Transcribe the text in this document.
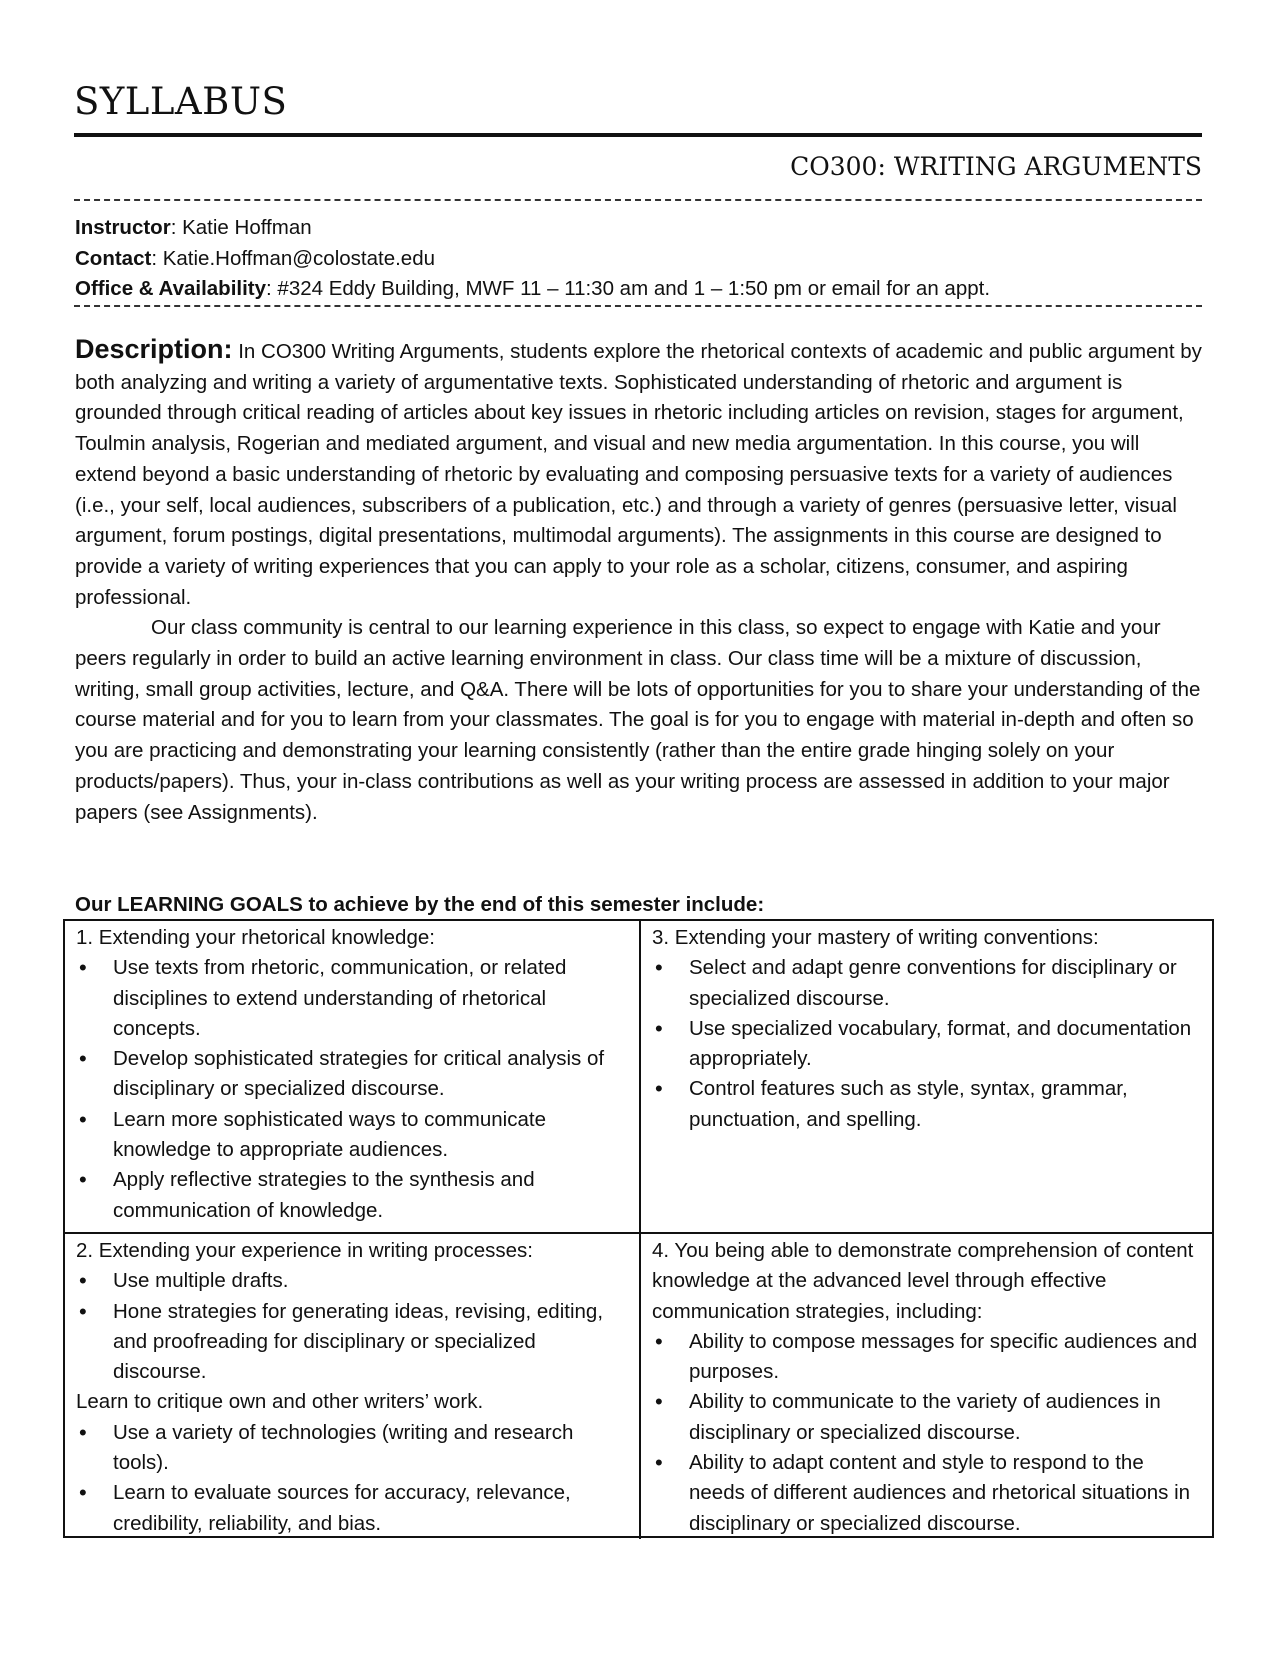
SYLLABUS
CO300: WRITING ARGUMENTS
Instructor: Katie Hoffman
Contact: Katie.Hoffman@colostate.edu
Office & Availability: #324 Eddy Building, MWF 11 – 11:30 am and 1 – 1:50 pm or email for an appt.

Description: In CO300 Writing Arguments, students explore the rhetorical contexts of academic and public argument by both analyzing and writing a variety of argumentative texts. Sophisticated understanding of rhetoric and argument is grounded through critical reading of articles about key issues in rhetoric including articles on revision, stages for argument, Toulmin analysis, Rogerian and mediated argument, and visual and new media argumentation. In this course, you will extend beyond a basic understanding of rhetoric by evaluating and composing persuasive texts for a variety of audiences (i.e., your self, local audiences, subscribers of a publication, etc.) and through a variety of genres (persuasive letter, visual argument, forum postings, digital presentations, multimodal arguments). The assignments in this course are designed to provide a variety of writing experiences that you can apply to your role as a scholar, citizens, consumer, and aspiring professional.

Our class community is central to our learning experience in this class, so expect to engage with Katie and your peers regularly in order to build an active learning environment in class. Our class time will be a mixture of discussion, writing, small group activities, lecture, and Q&A. There will be lots of opportunities for you to share your understanding of the course material and for you to learn from your classmates. The goal is for you to engage with material in-depth and often so you are practicing and demonstrating your learning consistently (rather than the entire grade hinging solely on your products/papers). Thus, your in-class contributions as well as your writing process are assessed in addition to your major papers (see Assignments).

Our LEARNING GOALS to achieve by the end of this semester include:

1. Extending your rhetorical knowledge:

• Use texts from rhetoric, communication, or related disciplines to extend understanding of rhetorical concepts.
• Develop sophisticated strategies for critical analysis of disciplinary or specialized discourse.
• Learn more sophisticated ways to communicate knowledge to appropriate audiences.
• Apply reflective strategies to the synthesis and communication of knowledge.

3. Extending your mastery of writing conventions:

• Select and adapt genre conventions for disciplinary or specialized discourse.
• Use specialized vocabulary, format, and documentation appropriately.
• Control features such as style, syntax, grammar, punctuation, and spelling.

2. Extending your experience in writing processes:

• Use multiple drafts.
• Hone strategies for generating ideas, revising, editing, and proofreading for disciplinary or specialized discourse.

Learn to critique own and other writers’ work.

• Use a variety of technologies (writing and research tools).
• Learn to evaluate sources for accuracy, relevance, credibility, reliability, and bias.

4. You being able to demonstrate comprehension of content knowledge at the advanced level through effective communication strategies, including:

• Ability to compose messages for specific audiences and purposes.
• Ability to communicate to the variety of audiences in disciplinary or specialized discourse.
• Ability to adapt content and style to respond to the needs of different audiences and rhetorical situations in disciplinary or specialized discourse.
